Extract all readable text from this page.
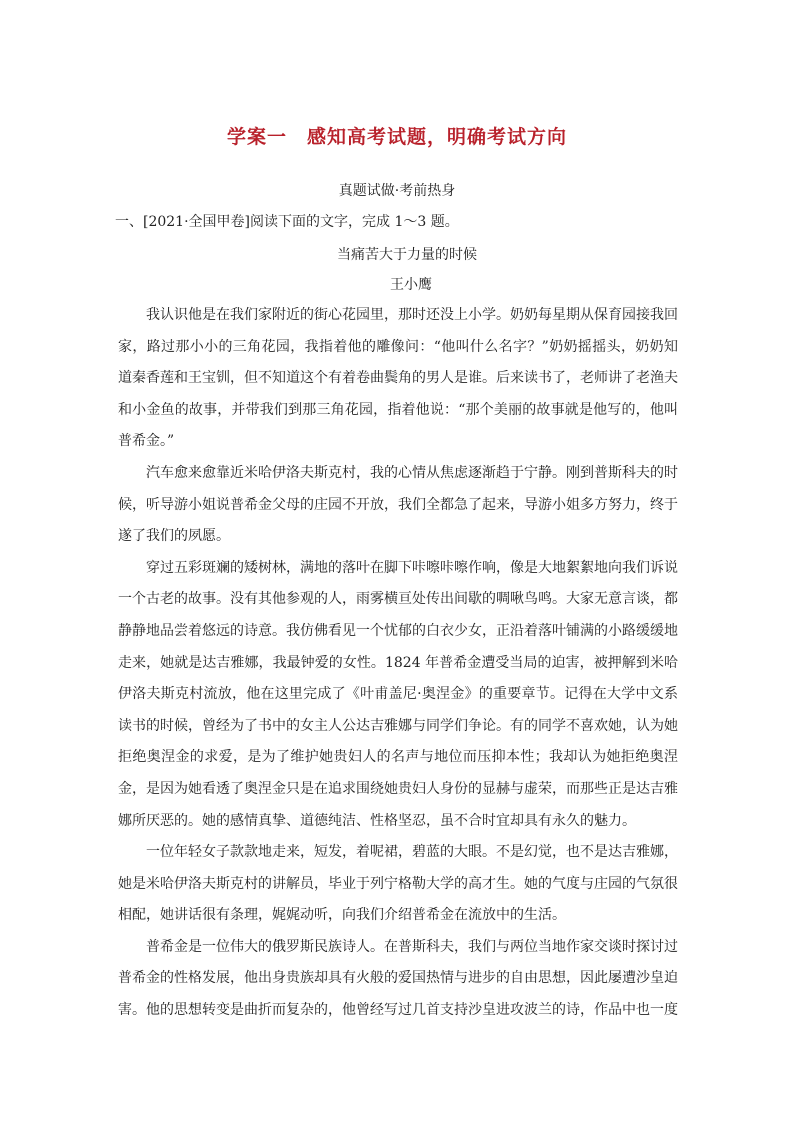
学案一　感知高考试题，明确考试方向
真题试做·考前热身
一、[2021·全国甲卷]阅读下面的文字，完成 1～3 题。
当痛苦大于力量的时候
王小鹰

我认识他是在我们家附近的街心花园里，那时还没上小学。奶奶每星期从保育园接我回家，路过那小小的三角花园，我指着他的雕像问：“他叫什么名字？”奶奶摇摇头，奶奶知道秦香莲和王宝钏，但不知道这个有着卷曲鬓角的男人是谁。后来读书了，老师讲了老渔夫和小金鱼的故事，并带我们到那三角花园，指着他说：“那个美丽的故事就是他写的，他叫普希金。”

汽车愈来愈靠近米哈伊洛夫斯克村，我的心情从焦虑逐渐趋于宁静。刚到普斯科夫的时候，听导游小姐说普希金父母的庄园不开放，我们全都急了起来，导游小姐多方努力，终于遂了我们的夙愿。

穿过五彩斑斓的矮树林，满地的落叶在脚下咔嚓咔嚓作响，像是大地絮絮地向我们诉说一个古老的故事。没有其他参观的人，雨雾横亘处传出间歇的啁啾鸟鸣。大家无意言谈，都静静地品尝着悠远的诗意。我仿佛看见一个忧郁的白衣少女，正沿着落叶铺满的小路缓缓地走来，她就是达吉雅娜，我最钟爱的女性。1824 年普希金遭受当局的迫害，被押解到米哈伊洛夫斯克村流放，他在这里完成了《叶甫盖尼·奥涅金》的重要章节。记得在大学中文系读书的时候，曾经为了书中的女主人公达吉雅娜与同学们争论。有的同学不喜欢她，认为她拒绝奥涅金的求爱，是为了维护她贵妇人的名声与地位而压抑本性；我却认为她拒绝奥涅金，是因为她看透了奥涅金只是在追求围绕她贵妇人身份的显赫与虚荣，而那些正是达吉雅娜所厌恶的。她的感情真挚、道德纯洁、性格坚忍，虽不合时宜却具有永久的魅力。

一位年轻女子款款地走来，短发，着呢裙，碧蓝的大眼。不是幻觉，也不是达吉雅娜，她是米哈伊洛夫斯克村的讲解员，毕业于列宁格勒大学的高才生。她的气度与庄园的气氛很相配，她讲话很有条理，娓娓动听，向我们介绍普希金在流放中的生活。

普希金是一位伟大的俄罗斯民族诗人。在普斯科夫，我们与两位当地作家交谈时探讨过普希金的性格发展，他出身贵族却具有火般的爱国热情与进步的自由思想，因此屡遭沙皇迫害。他的思想转变是曲折而复杂的，他曾经写过几首支持沙皇进攻波兰的诗，作品中也一度
